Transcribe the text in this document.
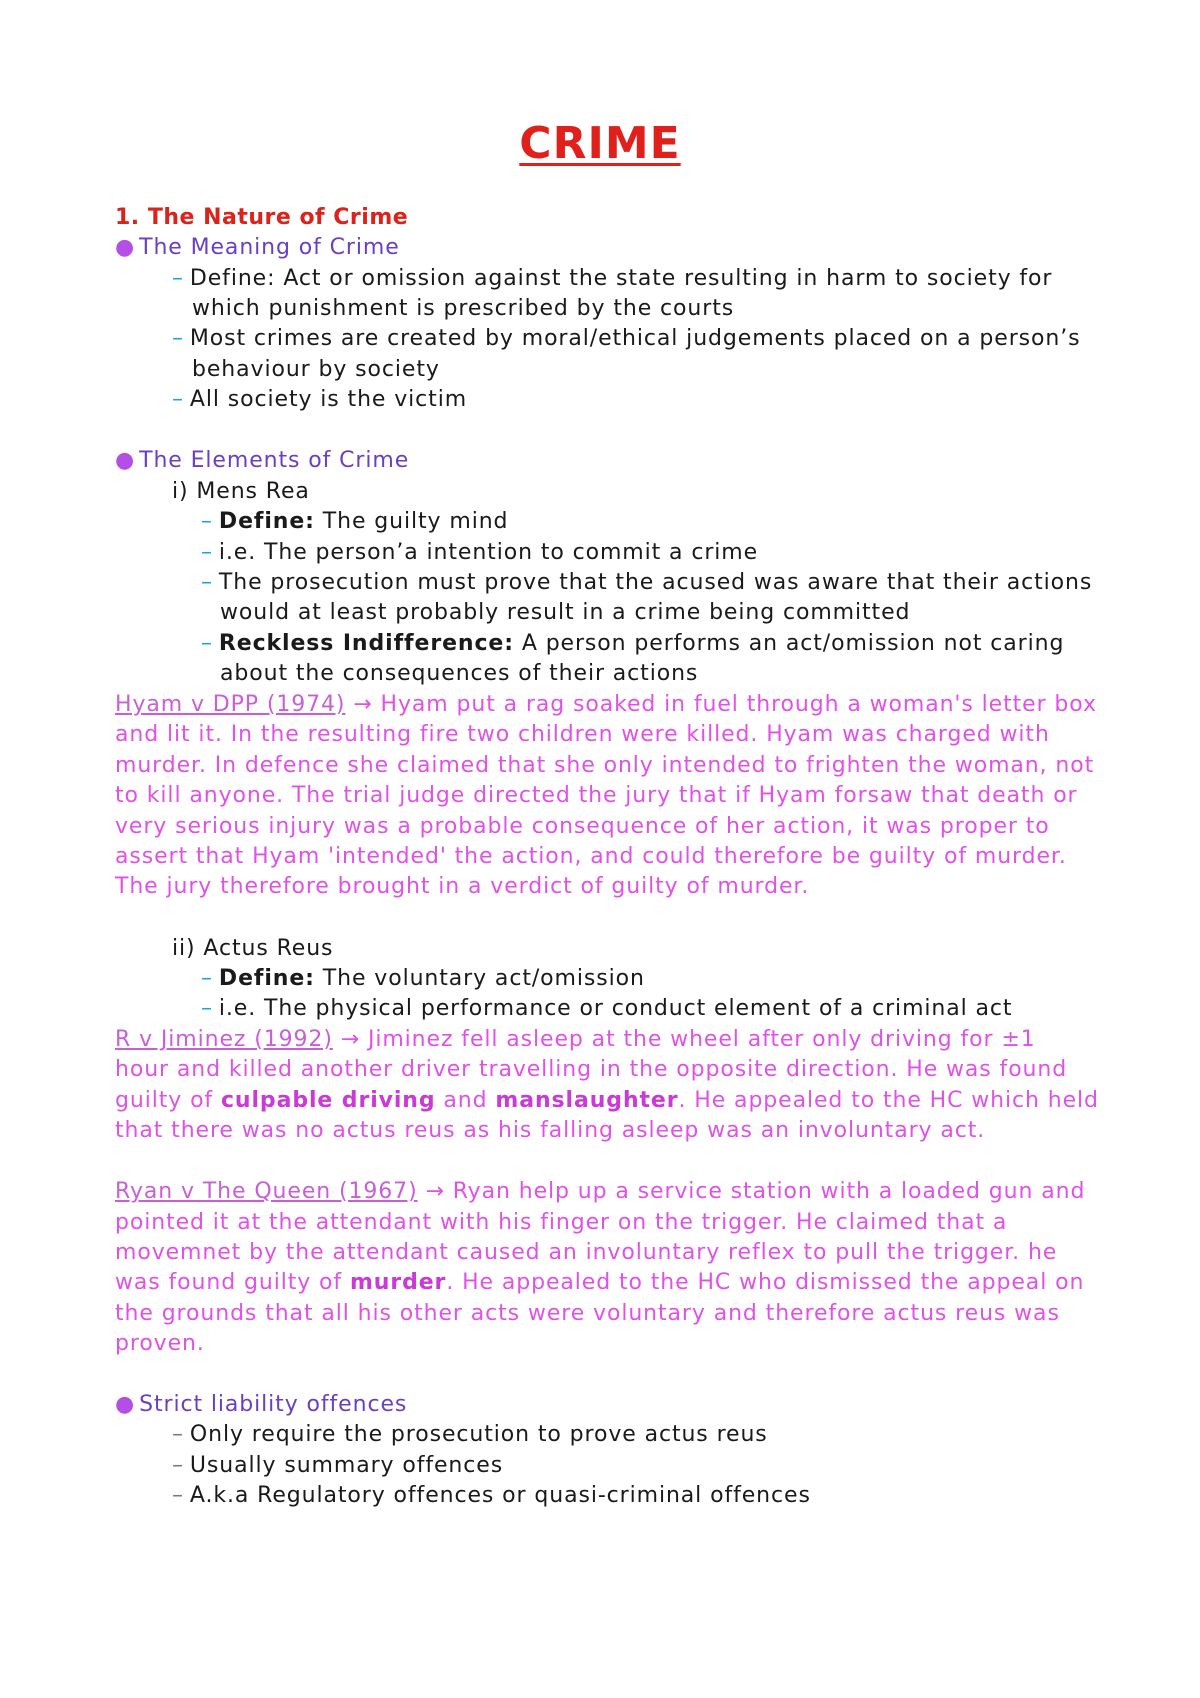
CRIME
1. The Nature of Crime
● The Meaning of Crime
– Define: Act or omission against the state resulting in harm to society for
which punishment is prescribed by the courts
– Most crimes are created by moral/ethical judgements placed on a person’s
behaviour by society
– All society is the victim
● The Elements of Crime
i) Mens Rea
– Define: The guilty mind
– i.e. The person’a intention to commit a crime
– The prosecution must prove that the acused was aware that their actions
would at least probably result in a crime being committed
– Reckless Indifference: A person performs an act/omission not caring
about the consequences of their actions
Hyam v DPP (1974) → Hyam put a rag soaked in fuel through a woman's letter box
and lit it. In the resulting fire two children were killed. Hyam was charged with
murder. In defence she claimed that she only intended to frighten the woman, not
to kill anyone. The trial judge directed the jury that if Hyam forsaw that death or
very serious injury was a probable consequence of her action, it was proper to
assert that Hyam 'intended' the action, and could therefore be guilty of murder.
The jury therefore brought in a verdict of guilty of murder.
ii) Actus Reus
– Define: The voluntary act/omission
– i.e. The physical performance or conduct element of a criminal act
R v Jiminez (1992) → Jiminez fell asleep at the wheel after only driving for ±1
hour and killed another driver travelling in the opposite direction. He was found
guilty of culpable driving and manslaughter. He appealed to the HC which held
that there was no actus reus as his falling asleep was an involuntary act.
Ryan v The Queen (1967) → Ryan help up a service station with a loaded gun and
pointed it at the attendant with his finger on the trigger. He claimed that a
movemnet by the attendant caused an involuntary reflex to pull the trigger. he
was found guilty of murder. He appealed to the HC who dismissed the appeal on
the grounds that all his other acts were voluntary and therefore actus reus was
proven.
● Strict liability offences
– Only require the prosecution to prove actus reus
– Usually summary offences
– A.k.a Regulatory offences or quasi-criminal offences
